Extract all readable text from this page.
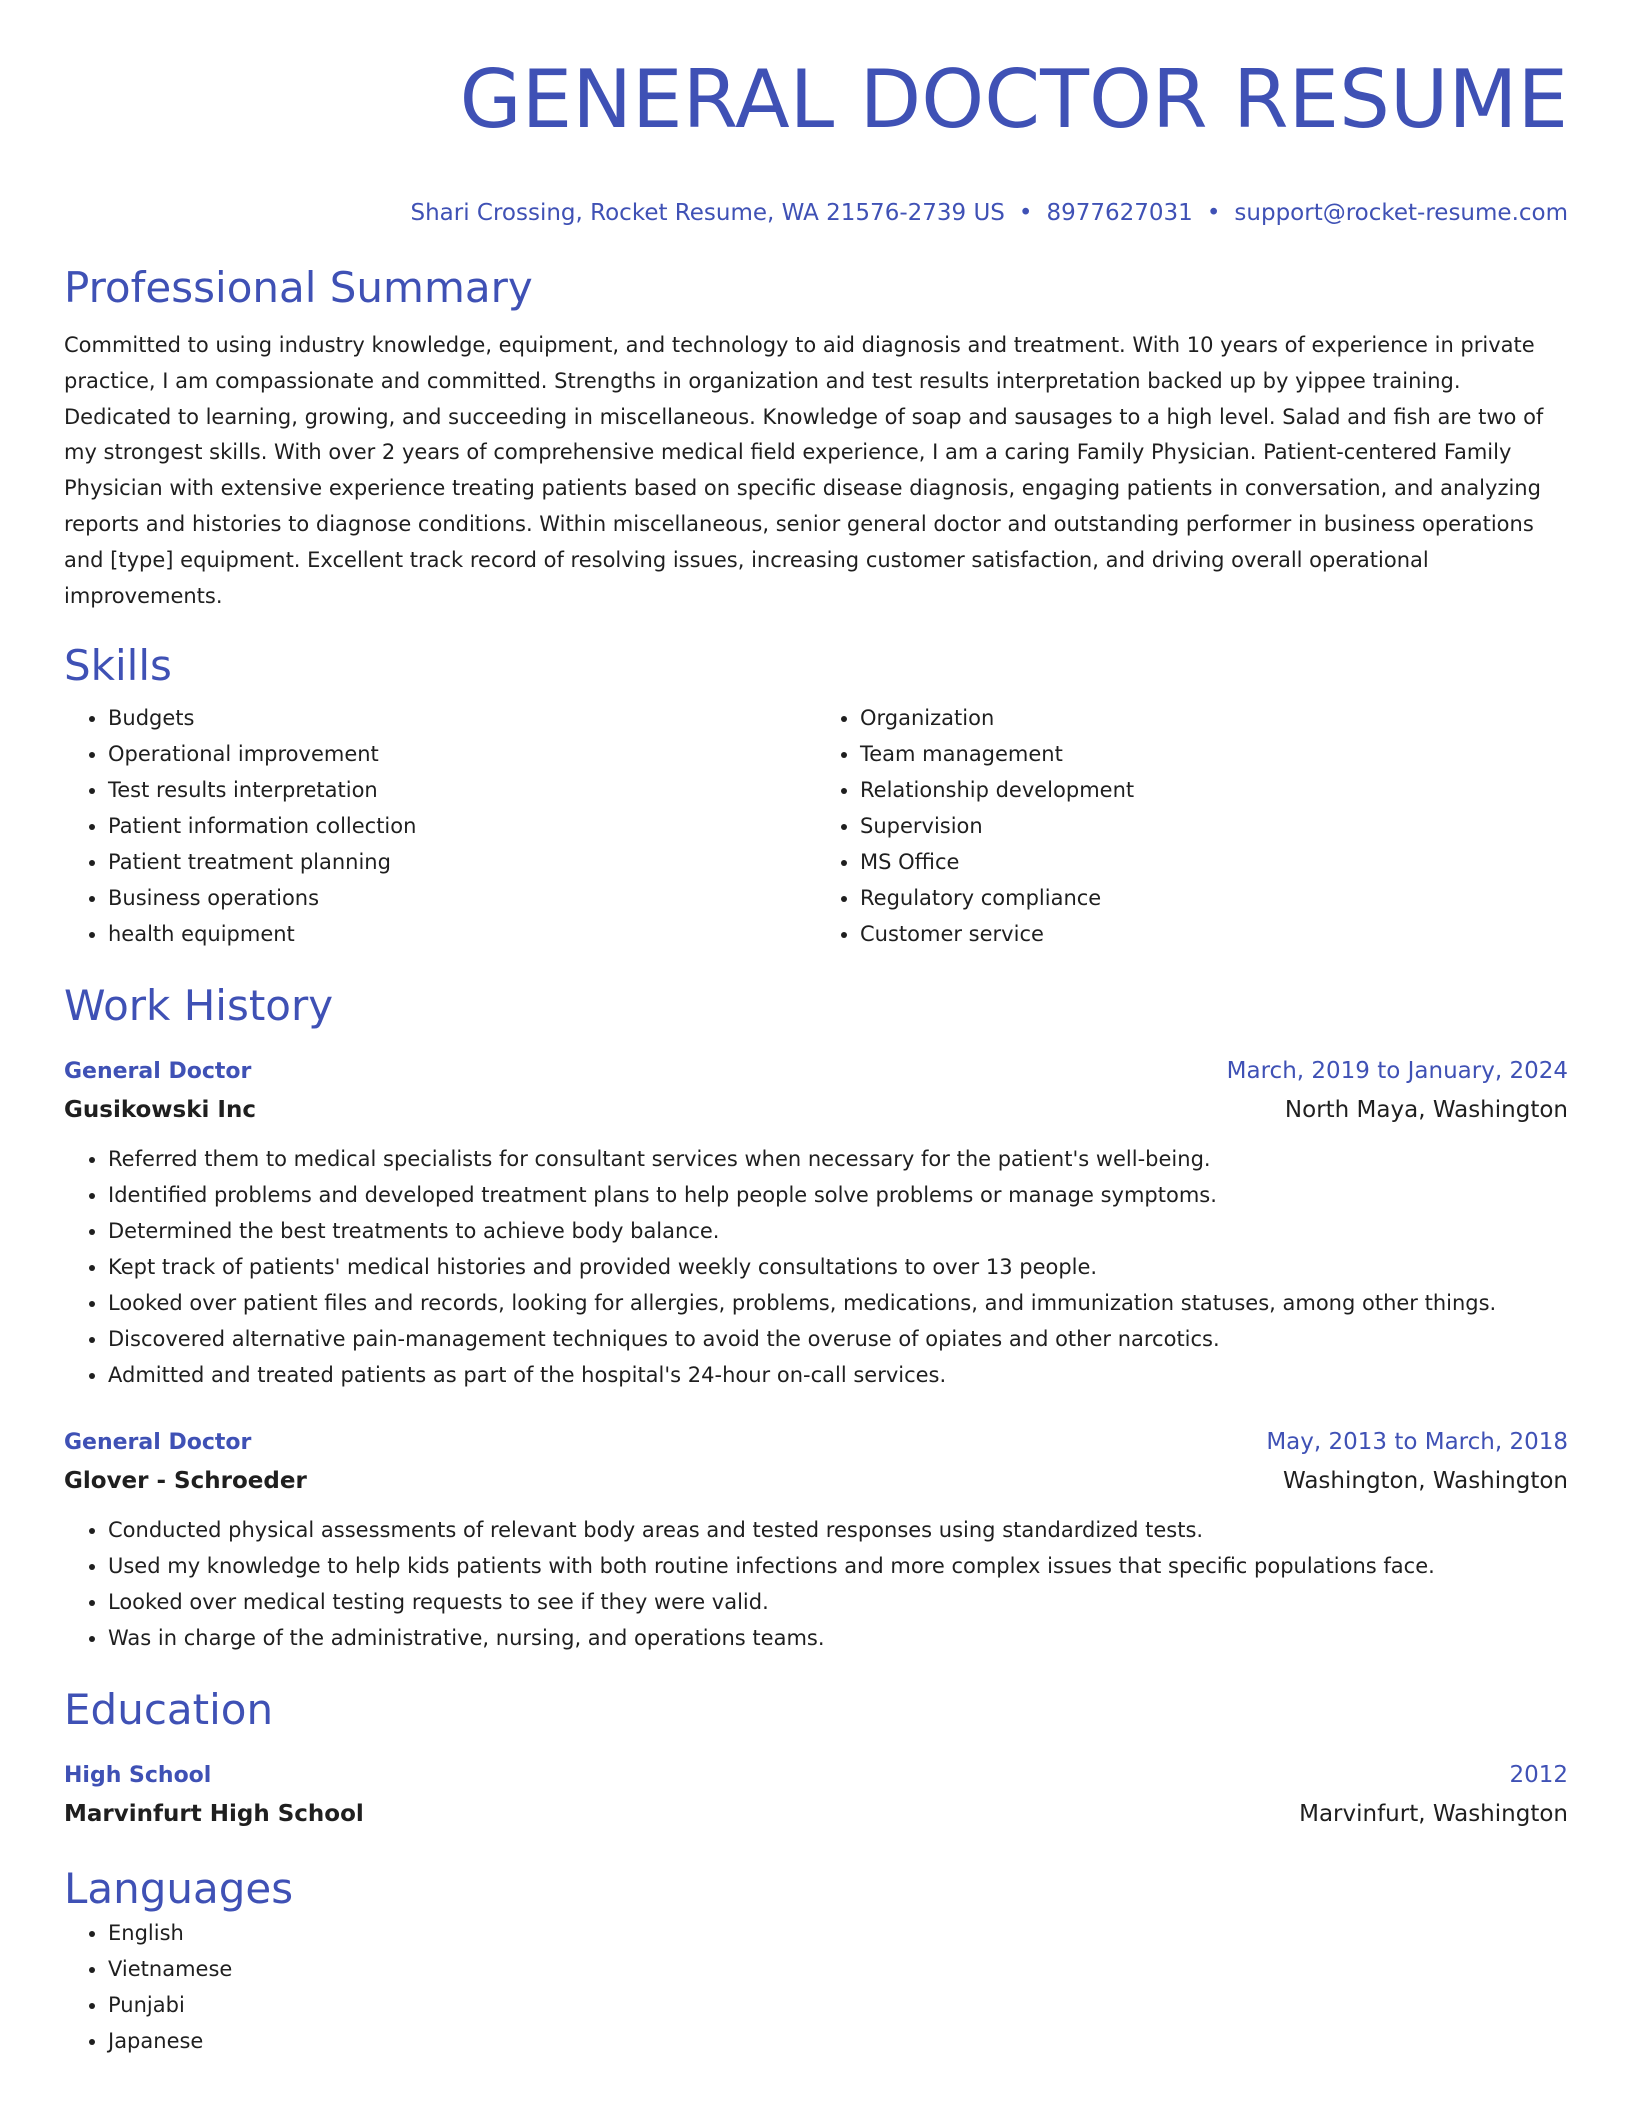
GENERAL DOCTOR RESUME
Shari Crossing, Rocket Resume, WA 21576-2739 US • 8977627031 • support@rocket-resume.com
Professional Summary

Committed to using industry knowledge, equipment, and technology to aid diagnosis and treatment. With 10 years of experience in private practice, I am compassionate and committed. Strengths in organization and test results interpretation backed up by yippee training. Dedicated to learning, growing, and succeeding in miscellaneous. Knowledge of soap and sausages to a high level. Salad and fish are two of my strongest skills. With over 2 years of comprehensive medical field experience, I am a caring Family Physician. Patient-centered Family Physician with extensive experience treating patients based on specific disease diagnosis, engaging patients in conversation, and analyzing reports and histories to diagnose conditions. Within miscellaneous, senior general doctor and outstanding performer in business operations and [type] equipment. Excellent track record of resolving issues, increasing customer satisfaction, and driving overall operational improvements.

Skills
• Budgets
• Operational improvement
• Test results interpretation
• Patient information collection
• Patient treatment planning
• Business operations
• health equipment
• Organization
• Team management
• Relationship development
• Supervision
• MS Office
• Regulatory compliance
• Customer service
Work History
General Doctor	March, 2019 to January, 2024
Gusikowski Inc	North Maya, Washington
• Referred them to medical specialists for consultant services when necessary for the patient's well-being.
• Identified problems and developed treatment plans to help people solve problems or manage symptoms.
• Determined the best treatments to achieve body balance.
• Kept track of patients' medical histories and provided weekly consultations to over 13 people.
• Looked over patient files and records, looking for allergies, problems, medications, and immunization statuses, among other things.
• Discovered alternative pain-management techniques to avoid the overuse of opiates and other narcotics.
• Admitted and treated patients as part of the hospital's 24-hour on-call services.
General Doctor	May, 2013 to March, 2018
Glover - Schroeder	Washington, Washington
• Conducted physical assessments of relevant body areas and tested responses using standardized tests.
• Used my knowledge to help kids patients with both routine infections and more complex issues that specific populations face.
• Looked over medical testing requests to see if they were valid.
• Was in charge of the administrative, nursing, and operations teams.
Education
High School	2012
Marvinfurt High School	Marvinfurt, Washington
Languages
• English
• Vietnamese
• Punjabi
• Japanese
